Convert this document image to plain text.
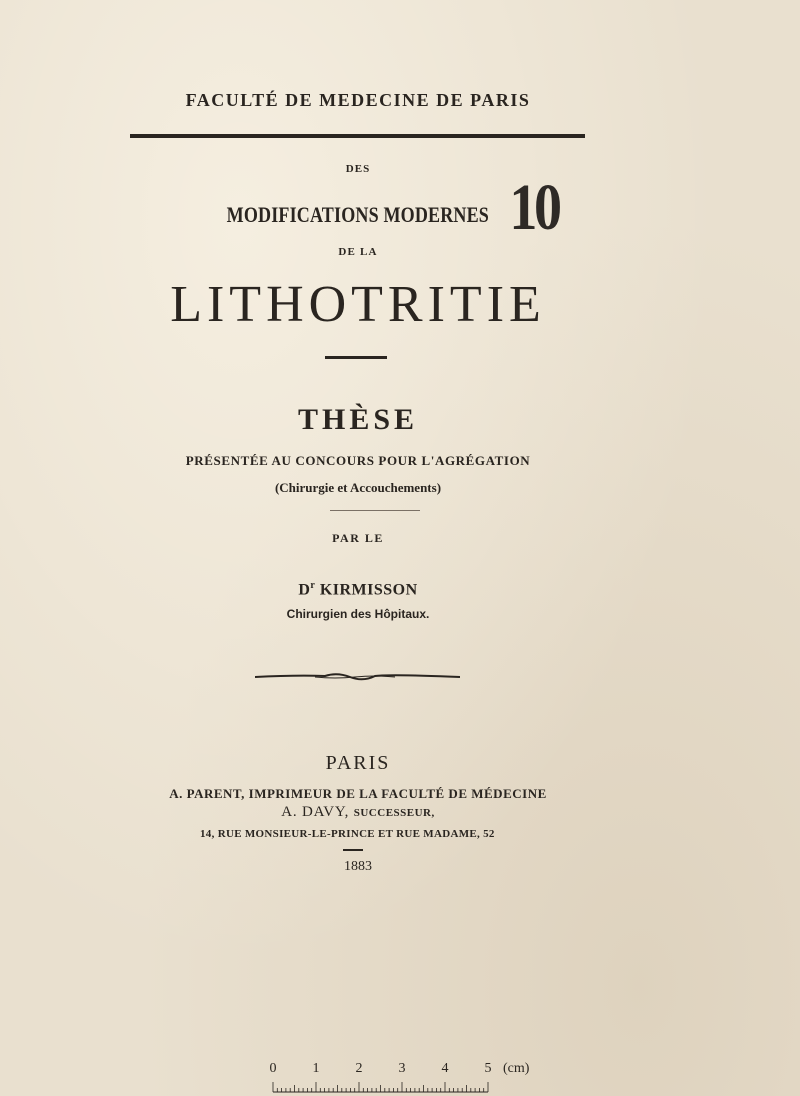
FACULTÉ DE MEDECINE DE PARIS
DES
MODIFICATIONS MODERNES 10
DE LA
LITHOTRITIE
THÈSE
PRÉSENTÉE AU CONCOURS POUR L'AGRÉGATION
(Chirurgie et Accouchements)
PAR LE
$D^r$ KIRMISSON
Chirurgien des Hôpitaux.
PARIS
A. PARENT, IMPRIMEUR DE LA FACULTÉ DE MÉDECINE
A. DAVY, SUCCESSEUR,
14, RUE MONSIEUR-LE-PRINCE ET RUE MADAME, 52
1883
0	1	2	3	4	5 (cm)
